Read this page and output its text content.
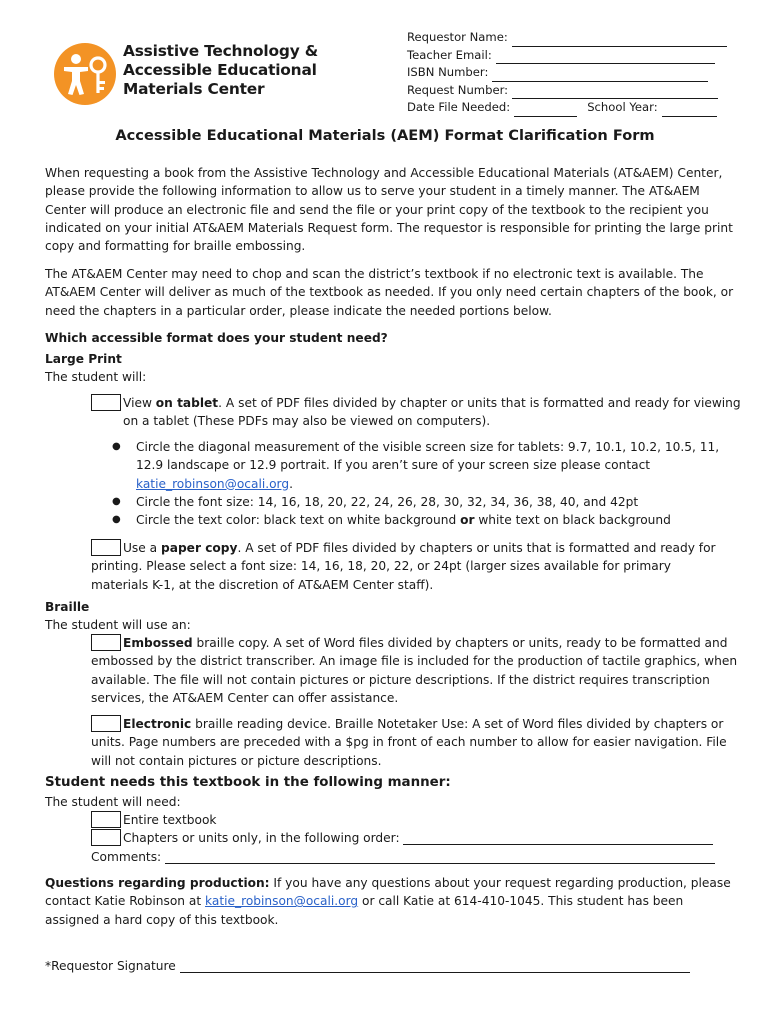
Assistive Technology &
Accessible Educational
Materials Center
Requestor Name:
Teacher Email:
ISBN Number:
Request Number:
Date File Needed:	School Year:
Accessible Educational Materials (AEM) Format Clarification Form

When requesting a book from the Assistive Technology and Accessible Educational Materials (AT&AEM) Center, please provide the following information to allow us to serve your student in a timely manner. The AT&AEM Center will produce an electronic file and send the file or your print copy of the textbook to the recipient you indicated on your initial AT&AEM Materials Request form. The requestor is responsible for printing the large print copy and formatting for braille embossing.

The AT&AEM Center may need to chop and scan the district’s textbook if no electronic text is available. The AT&AEM Center will deliver as much of the textbook as needed. If you only need certain chapters of the book, or need the chapters in a particular order, please indicate the needed portions below.

Which accessible format does your student need?
Large Print
The student will:
View on tablet. A set of PDF files divided by chapter or units that is formatted and ready for viewing on a tablet (These PDFs may also be viewed on computers).
●	Circle the diagonal measurement of the visible screen size for tablets: 9.7, 10.1, 10.2, 10.5, 11, 12.9 landscape or 12.9 portrait. If you aren’t sure of your screen size please contact
katie_robinson@ocali.org.
●	Circle the font size: 14, 16, 18, 20, 22, 24, 26, 28, 30, 32, 34, 36, 38, 40, and 42pt
●	Circle the text color: black text on white background or white text on black background
Use a paper copy. A set of PDF files divided by chapters or units that is formatted and ready for printing. Please select a font size: 14, 16, 18, 20, 22, or 24pt (larger sizes available for primary materials K-1, at the discretion of AT&AEM Center staff).
Braille
The student will use an:
Embossed braille copy. A set of Word files divided by chapters or units, ready to be formatted and embossed by the district transcriber. An image file is included for the production of tactile graphics, when available. The file will not contain pictures or picture descriptions. If the district requires transcription services, the AT&AEM Center can offer assistance.
Electronic braille reading device. Braille Notetaker Use: A set of Word files divided by chapters or units. Page numbers are preceded with a $pg in front of each number to allow for easier navigation. File will not contain pictures or picture descriptions.
Student needs this textbook in the following manner:
The student will need:
Entire textbook
Chapters or units only, in the following order:
Comments:
Questions regarding production: If you have any questions about your request regarding production, please contact Katie Robinson at katie_robinson@ocali.org or call Katie at 614-410-1045. This student has been assigned a hard copy of this textbook.
*Requestor Signature
